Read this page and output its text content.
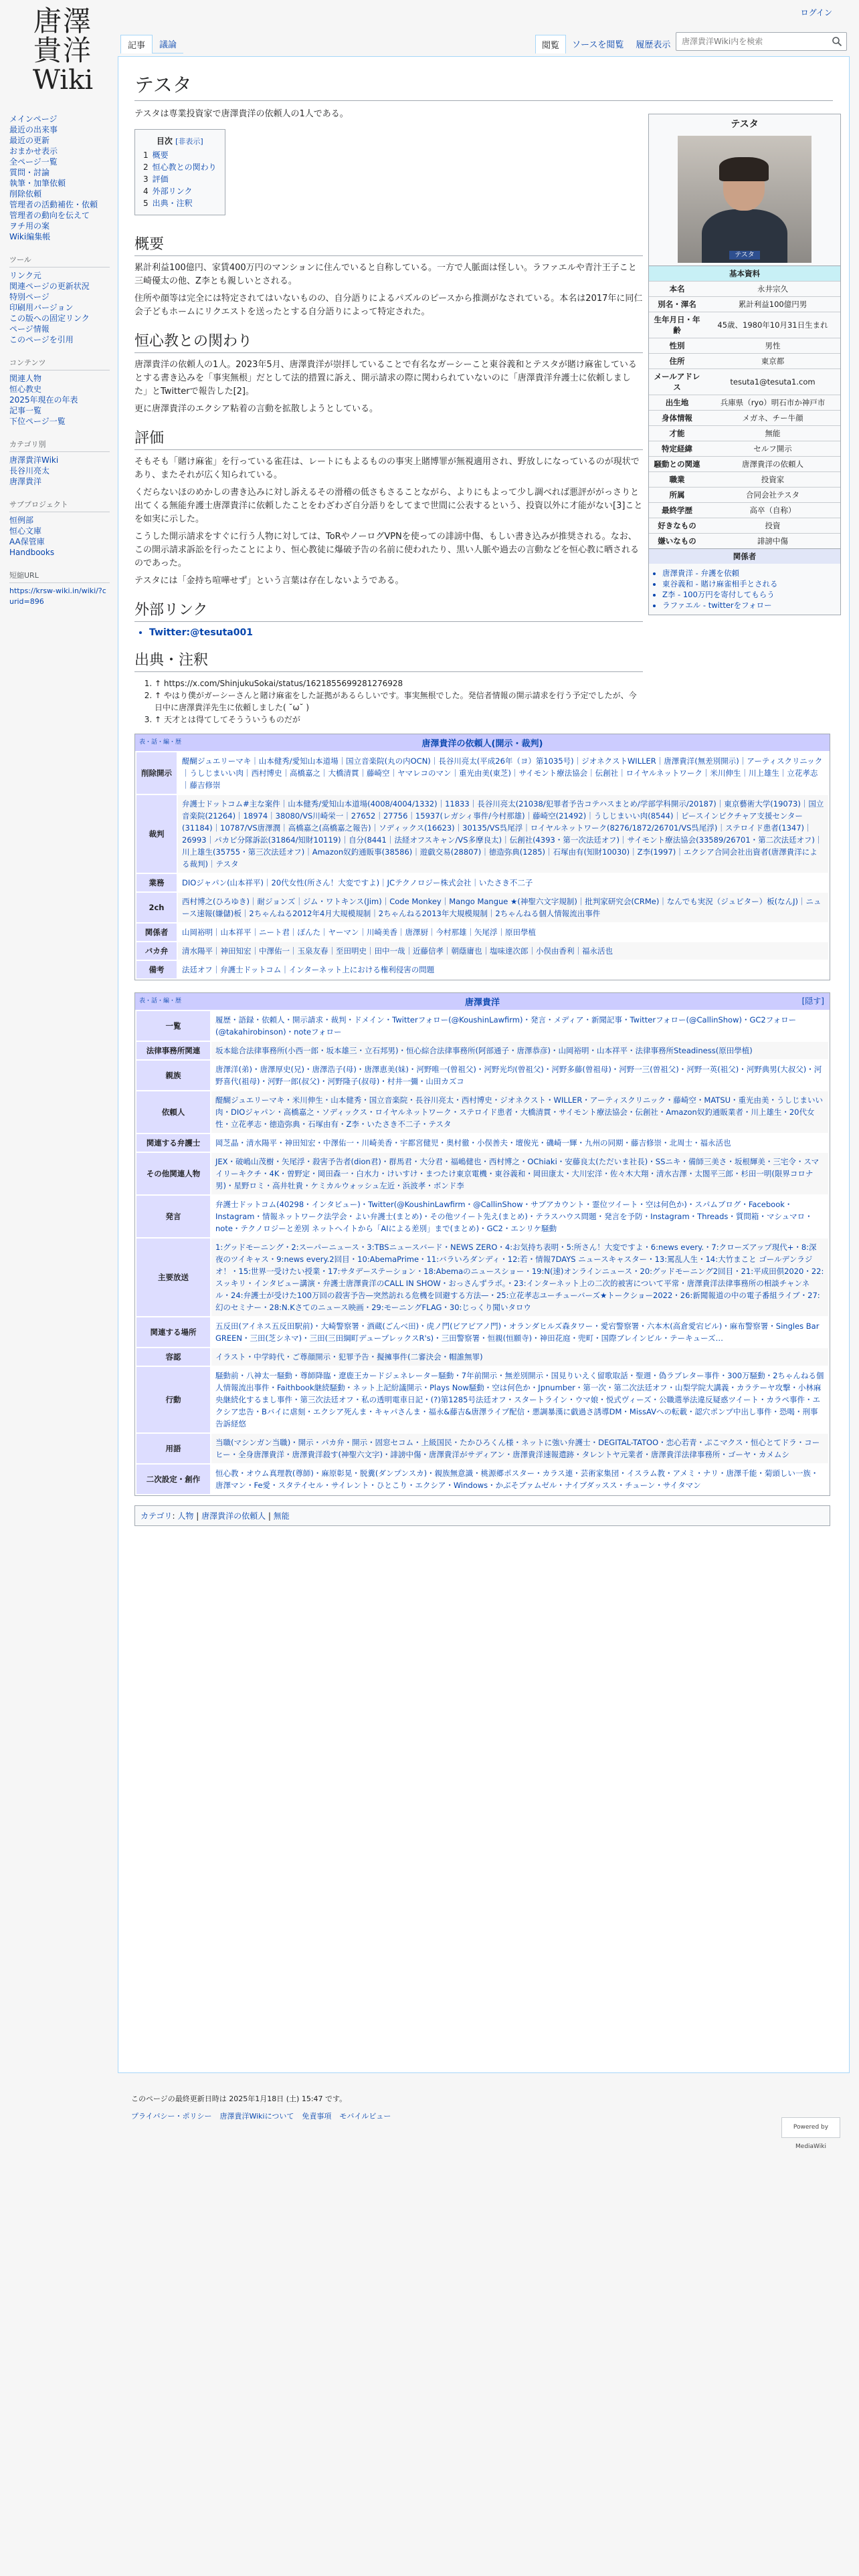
唐澤
貴洋
Wiki
ログイン
記事	議論	閲覧	ソースを閲覧	履歴表示
唐澤貴洋Wiki内を検索
メインページ
最近の出来事
最近の更新
おまかせ表示
全ページ一覧
質問・討論
執筆・加筆依頼
削除依頼
管理者の活動補佐・依頼
管理者の動向を伝えて
ヲチ用の案
Wiki編集帳
ツール
リンク元
関連ページの更新状況
特別ページ
印刷用バージョン
この版への固定リンク
ページ情報
このページを引用
コンテンツ
関連人物
恒心教史
2025年現在の年表
記事一覧
下位ページ一覧
カテゴリ別
唐澤貴洋Wiki
長谷川亮太
唐澤貴洋
サブプロジェクト
恒例部
恒心文庫
AA保管庫
Handbooks
短縮URL
https://krsw-wiki.in/wiki/?curid=896
テスタ

テスタは専業投資家で唐澤貴洋の依頼人の1人である。

目次 [非表示]
1 概要
2 恒心教との関わり
3 評価
4 外部リンク
5 出典・注釈
概要

累計利益100億円、家賃400万円のマンションに住んでいると自称している。一方で人脈面は怪しい。ラファエルや青汁王子こと三崎優太の他、Z李とも親しいとされる。

住所や顔等は完全には特定されてはいないものの、自分語りによるパズルのピースから推測がなされている。本名は2017年に同仁会子どもホームにリクエストを送ったとする自分語りによって特定された。

恒心教との関わり

唐澤貴洋の依頼人の1人。2023年5月、唐澤貴洋が崇拝していることで有名なガーシーこと東谷義和とテスタが賭け麻雀しているとする書き込みを「事実無根」だとして法的措置に訴え、開示請求の際に関わられていないのに「唐澤貴洋弁護士に依頼しました」とTwitterで報告した[2]。

更に唐澤貴洋のエクシア粘着の言動を拡散しようとしている。

評価

そもそも「賭け麻雀」を行っている雀荘は、レートにもよるものの事実上賭博罪が無視適用され、野放しになっているのが現状であり、またそれが広く知られている。

くだらないほのめかしの書き込みに対し訴えるその滑稽の低さもさることながら、よりにもよって少し調べれば悪評ががっさりと出てくる無能弁護士唐澤貴洋に依頼したことをわざわざ自分語りをしてまで世間に公表するという、投資以外に才能がない[3]ことを如実に示した。

こうした開示請求をすぐに行う人物に対しては、ToRやノーログVPNを使っての誹謗中傷、もしい書き込みが推奨される。なお、この開示請求訴訟を行ったことにより、恒心教徒に爆破予告の名前に使われたり、黒い人脈や過去の言動などを恒心教に晒されるのであった。

テスタには「金持ち喧嘩せず」という言葉は存在しないようである。

外部リンク
• Twitter:@tesuta001
出典・注釈
1. ↑ https://x.com/ShinjukuSokai/status/1621855699281276928
2. ↑ やはり僕がガーシーさんと賭け麻雀をした証拠があるらしいです。事実無根でした。発信者情報の開示請求を行う予定でしたが、今日中に唐澤貴洋先生に依頼しました( ˘ω˘ )
3. ↑ 天才とは得てしてそうういうものだが
表・話・編・歴	唐澤貴洋の依頼人(開示・裁判)
削除開示	醍醐ジュエリーマキ｜山本健秀/愛知山本道場｜国立音楽院(丸の内OCN)｜長谷川亮太(平成26年（ヨ）第1035号)｜ジオネクストWILLER｜唐澤貴洋(無差別開示)｜アーティスクリニック｜うしじまいい肉｜西村博史｜高橋嘉之｜大橋清貫｜藤崎空｜ヤマレコのマン｜重光由美(東芝)｜サイモント療法協会｜伝創社｜ロイヤルネットワーク｜米川伸生｜川上雄生｜立花孝志｜藤吉修崇
裁判	弁護士ドットコム#主な案件｜山本健秀/愛知山本道場(4008/4004/1332)｜11833｜長谷川亮太(21038/犯罪者予告コテハスまとめ/学部学科開示/20187)｜東京藝術大学(19073)｜国立音楽院(21264)｜18974｜38080/VS川崎栄一｜27652｜27756｜15937(レガシィ事件/今村那雄)｜藤崎空(21492)｜うしじまいい肉(8544)｜ピースインピクチャア支援センター(31184)｜10787/VS唐澤潤｜高橋嘉之(高橋嘉之報告)｜ソディックス(16623)｜30135/VS呉尾浮｜ロイヤルネットワーク(8276/1872/26701/VS呉尾浮)｜ステロイド患者(1347)｜26993｜パカピ分隊訴訟(31864/知財10119)｜自分(8441｜法経オフスキャン/VS多摩良太)｜伝創社(4393・第一次法廷オフ)｜サイモント療法協会(33589/26701・第二次法廷オフ)｜川上雄生(35755・第三次法廷オフ)｜Amazon奴釣通販事(38586)｜遊戯交易(28807)｜徳造弥典(1285)｜石塚由有(知財10030)｜Z李(1997)｜エクシア合同会社出資者(唐澤貴洋による裁判)｜テスタ
業務	DIOジャパン(山本祥平)｜20代女性(所さん！大変ですよ)｜JCテクノロジー株式会社｜いたさき不二子
2ch	西村博之(ひろゆき)｜耐ジョンズ｜ジム・ワトキンス(Jim)｜Code Monkey｜Mango Mangue ★(神聖六文字規制)｜批判家研究会(CRMe)｜なんでも実況（ジュピター）板(なんJ)｜ニュース速報(嫌儲)板｜2ちゃんねる2012年4月大規模規制｜2ちゃんねる2013年大規模規制｜2ちゃんねる個人情報流出事件
関係者	山岡裕明｜山本祥平｜ニート君｜ぽんた｜ヤーマン｜川崎美香｜唐澤厨｜今村那雄｜矢尾浮｜原田學植
バカ弁	清水陽平｜神田知宏｜中澤佑一｜玉泉友春｜至田明史｜田中一哉｜近藤信孝｜朝蔭庸也｜塩味達次郎｜小俣由香利｜福永活也
備考	法廷オフ｜弁護士ドットコム｜インターネット上における権利侵害の問題
表・話・編・歴	唐澤貴洋	[隠す]
一覧	履歴・語録・依頼人・開示請求・裁判・ドメイン・Twitterフォロー(@KoushinLawfirm)・発言・メディア・新聞記事・Twitterフォロー(@CallinShow)・GC2フォロー(@takahirobinson)・noteフォロー
法律事務所関連	坂本総合法律事務所(小西一郎・坂本雄三・立石邦男)・恒心綜合法律事務所(阿部通子・唐澤恭彦)・山岡裕明・山本祥平・法律事務所Steadiness(原田學植)
親族	唐澤洋(弟)・唐澤厚史(兄)・唐澤浩子(母)・唐澤恵美(妹)・河野唯一(曾祖父)・河野光均(曾祖父)・河野多藤(曾祖母)・河野一三(曽祖父)・河野一英(祖父)・河野典男(大叔父)・河野喜代(祖母)・河野一郎(叔父)・河野隆子(叔母)・村井一彌・山田カズコ
依頼人	醍醐ジュエリーマキ・米川伸生・山本健秀・国立音楽院・長谷川亮太・西村博史・ジオネクスト・WILLER・アーティスクリニック・藤崎空・MATSU・重光由美・うしじまいい肉・DIOジャパン・高橋嘉之・ソディックス・ロイヤルネットワーク・ステロイド患者・大橋清貫・サイモント療法協会・伝創社・Amazon奴釣通販業者・川上雄生・20代女性・立花孝志・徳造弥典・石塚由有・Z李・いたさき不二子・テスタ
関連する弁護士	岡芝晶・清水陽平・神田知宏・中澤佑一・川崎美香・宇都宮健児・奥村徹・小俣善夫・壇俊光・磯崎一輝・九州の同期・藤吉修崇・北周士・福永活也
その他関連人物	JEX・破嶋山茂樹・矢尾浮・殺害予告者(dion君)・群馬君・大分君・福嶋健也・西村博之・OChiaki・安藤良太(ただいま社長)・SSニキ・備師三美さ・坂根輝美・三宅令・スマイリーキクチ・4K・曽野定・岡田森一・白水力・けいすけ・まつたけ東京電機・東谷義和・岡田康太・大川宏洋・佐々木大翔・清水吉澤・太閤平三郎・杉田一明(限界コロナ男)・星野ロミ・高井牡貴・ケミカルウォッシュ左近・浜波孝・ボンド李
発言	弁護士ドットコム(40298・インタビュー)・Twitter(@KoushinLawfirm・@CallinShow・サブアカウント・霊位ツイート・空は何色か)・スパムブログ・Facebook・Instagram・情報ネットワーク法学会・よい弁護士(まとめ)・その他ツイート先え(まとめ)・テラスハウス問題・発言を予防・Instagram・Threads・質問箱・マシュマロ・note・テクノロジーと差別 ネットへイトから「AIによる差別」まで(まとめ)・GC2・エンリケ騒動
主要放送	1:グッドモーニング・2:スーパーニュース・3:TBSニュースバード・NEWS ZERO・4:お気持ち表明・5:所さん！大変ですよ・6:news every.・7:クローズアップ現代+・8:深夜のツイキャス・9:news every.2回目・10:AbemaPrime・11:バラいろダンディ・12:若・情報7DAYS ニュースキャスター・13:罵乱人生・14:大竹まこと ゴールデンラジオ！・15:世界一受けたい授業・17:サタデーステーション・18:Abemaのニュースショー・19:N(速)オンラインニュース・20:グッドモーニング2回目・21:平成田倶2020・22:スッキリ・インタビュー講演・弁護士唐澤貴洋のCALL IN SHOW・おっさんずラボ。・23:インターネット上の二次的被害について平常・唐澤貴洋法律事務所の相談チャンネル・24:弁護士が受けた100万回の殺害予告—突然訪れる危機を回避する方法—・25:立花孝志ユーチューバーズ★トークショー2022・26:新聞報道の中の電子番組ライブ・27:幻のセミナー・28:N.Kさてのニュース映画・29:モーニングFLAG・30:じっくり聞いタロウ
関連する場所	五反田(アイネス五反田駅前)・大崎警察署・酒蔵(ごんべ田)・虎ノ門(ビアピアノ門)・オランダヒルズ森タワー・愛宕警察署・六本木(高倉愛宕ビル)・麻布警察署・Singles Bar GREEN・三田(芝シネマ)・三田(三田綱町デュープレックスR's)・三田警察署・恒親(恒願寺)・神田花庭・兜町・国際ブレインビル・テーキューズ…
容認	イラスト・中学時代・ご尊顔開示・犯罪予告・擬擁事件(二審決会・帽誰無罪)
行動	騒動前・八神太一騒動・尊師降臨・遼鹿王カードジェネレーター騒動・7年前開示・無差別開示・国見りいえく留歌取話・聖週・偽ラブレター事件・300万騒動・2ちゃんねる個人情報流出事件・Faithbook継続騒動・ネット上記紛議開示・Plays Now騒動・空は何色か・Jpnumber・第一次・第二次法廷オフ・山梨学院大講義・カラテーヤ攻撃・小林麻央継続化するまし事件・第三次法廷オフ・私の透明電車日記・(?)第1285号法廷オフ・スタートライン・ウマ娘・悦式ヴィーズ・公職選挙法違反疑惑ツイート・カラペ事件・エクシア忠告・Bバイに虐刻・エクシア死んま・キャパさんま・福永&藤吉&唐澤ライブ配信・悪調暴漢に戯過さ誘導DM・MissAVへの転載・認穴ポンプ中出し事件・恐喝・刑事告訴経悠
用語	当職(マシンガン当職)・開示・パカ弁・開示・固窓セコム・上級国民・たかひろくん様・ネットに強い弁護士・DEGITAL-TATOO・恋心若青・ぷこマクス・恒心とてドラ・コーヒー・全身唐澤貴洋・唐澤貴洋殺す(神聖六文字)・誹謗中傷・唐澤貴洋がサディアン・唐澤貴洋速報遣跡・タレントヤ元業者・唐澤貴洋法律事務所・ゴーヤ・カメムシ
二次設定・創作	恒心教・オウム真理教(尊師)・麻原彰晃・脱糞(ダンプンスカ)・親族無意識・桃源郷ポスター・カラス連・芸術家集団・イスラム教・アメミ・ナリ・唐澤千能・菊頭しい一族・唐澤マン・Fe愛・スタテイセル・サイレント・ひとこり・エクシア・Windows・かぶそブァムゼル・ナイブダッスス・チューン・サイタマン
カテゴリ: 人物 | 唐澤貴洋の依頼人 | 無能
テスタ
テスタ
基本資料
本名	永井宗久
別名・渾名	累計利益100億円男
生年月日・年齢	45歳、1980年10月31日生まれ
性別	男性
住所	東京都
メールアドレス	tesuta1@tesuta1.com
出生地	兵庫県（ryo）明石市か神戸市
身体情報	メガネ、チー牛顔
才能	無能
特定経緯	セルフ開示
騒動との関連	唐澤貴洋の依頼人
職業	投資家
所属	合同会社テスタ
最終学歴	高卒（自称）
好きなもの	投資
嫌いなもの	誹謗中傷
関係者
• 唐澤貴洋 - 弁護を依頼
• 東谷義和 - 賭け麻雀相手とされる
• Z李 - 100万円を寄付してもらう
• ラファエル - twitterをフォロー
このページの最終更新日時は 2025年1月18日 (土) 15:47 です。
プライバシー・ポリシー 唐澤貴洋Wikiについて 免責事項 モバイルビュー
Powered by MediaWiki
